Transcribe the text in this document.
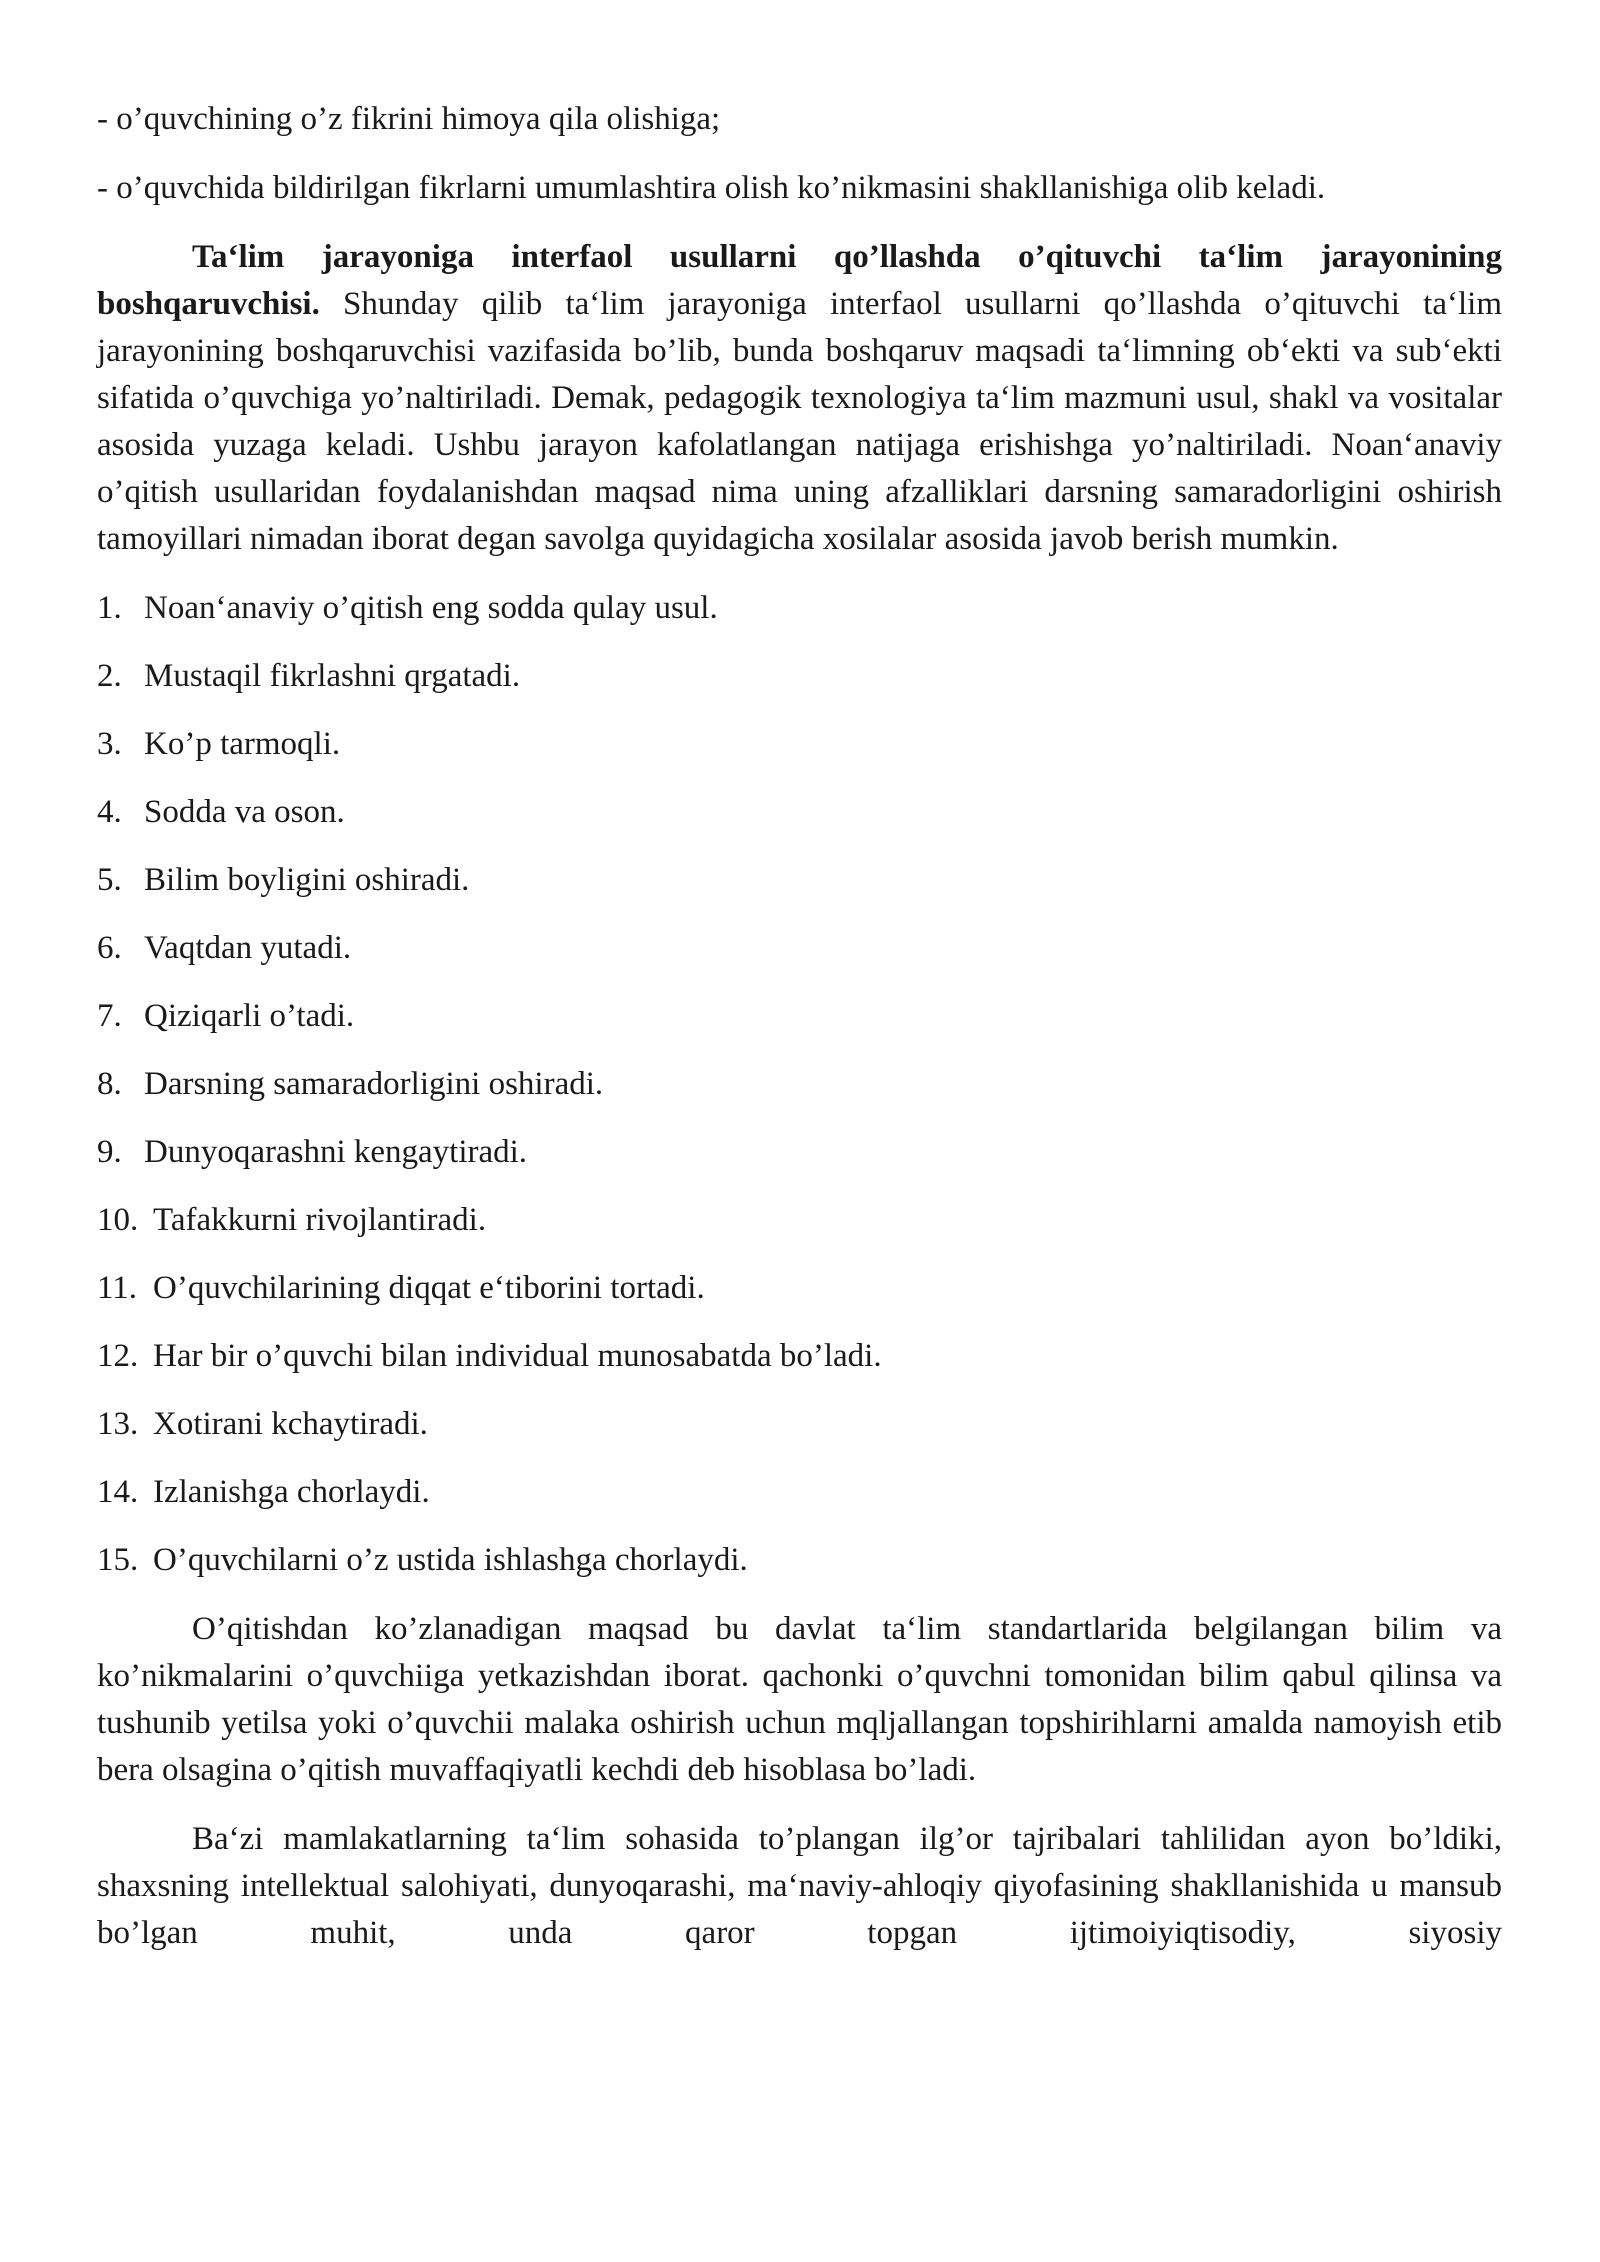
- o’quvchining o’z fikrini himoya qila olishiga;

- o’quvchida bildirilgan fikrlarni umumlashtira olish ko’nikmasini shakllanishiga olib keladi.

Ta‘lim jarayoniga interfaol usullarni qo’llashda o’qituvchi ta‘lim jarayonining boshqaruvchisi. Shunday qilib ta‘lim jarayoniga interfaol usullarni qo’llashda o’qituvchi ta‘lim jarayonining boshqaruvchisi vazifasida bo’lib, bunda boshqaruv maqsadi ta‘limning ob‘ekti va sub‘ekti sifatida o’quvchiga yo’naltiriladi. Demak, pedagogik texnologiya ta‘lim mazmuni usul, shakl va vositalar asosida yuzaga keladi. Ushbu jarayon kafolatlangan natijaga erishishga yo’naltiriladi. Noan‘anaviy o’qitish usullaridan foydalanishdan maqsad nima uning afzalliklari darsning samaradorligini oshirish tamoyillari nimadan iborat degan savolga quyidagicha xosilalar asosida javob berish mumkin.

1. Noan‘anaviy o’qitish eng sodda qulay usul.
2. Mustaqil fikrlashni qrgatadi.
3. Ko’p tarmoqli.
4. Sodda va oson.
5. Bilim boyligini oshiradi.
6. Vaqtdan yutadi.
7. Qiziqarli o’tadi.
8. Darsning samaradorligini oshiradi.
9. Dunyoqarashni kengaytiradi.
10. Tafakkurni rivojlantiradi.
11. O’quvchilarining diqqat e‘tiborini tortadi.
12. Har bir o’quvchi bilan individual munosabatda bo’ladi.
13. Xotirani kchaytiradi.
14. Izlanishga chorlaydi.
15. O’quvchilarni o’z ustida ishlashga chorlaydi.

O’qitishdan ko’zlanadigan maqsad bu davlat ta‘lim standartlarida belgilangan bilim va ko’nikmalarini o’quvchiiga yetkazishdan iborat. qachonki o’quvchni tomonidan bilim qabul qilinsa va tushunib yetilsa yoki o’quvchii malaka oshirish uchun mqljallangan topshirihlarni amalda namoyish etib bera olsagina o’qitish muvaffaqiyatli kechdi deb hisoblasa bo’ladi.

Ba‘zi mamlakatlarning ta‘lim sohasida to’plangan ilg’or tajribalari tahlilidan ayon bo’ldiki, shaxsning intellektual salohiyati, dunyoqarashi, ma‘naviy-ahloqiy qiyofasining shakllanishida u mansub bo’lgan muhit, unda qaror topgan ijtimoiyiqtisodiy, siyosiy
